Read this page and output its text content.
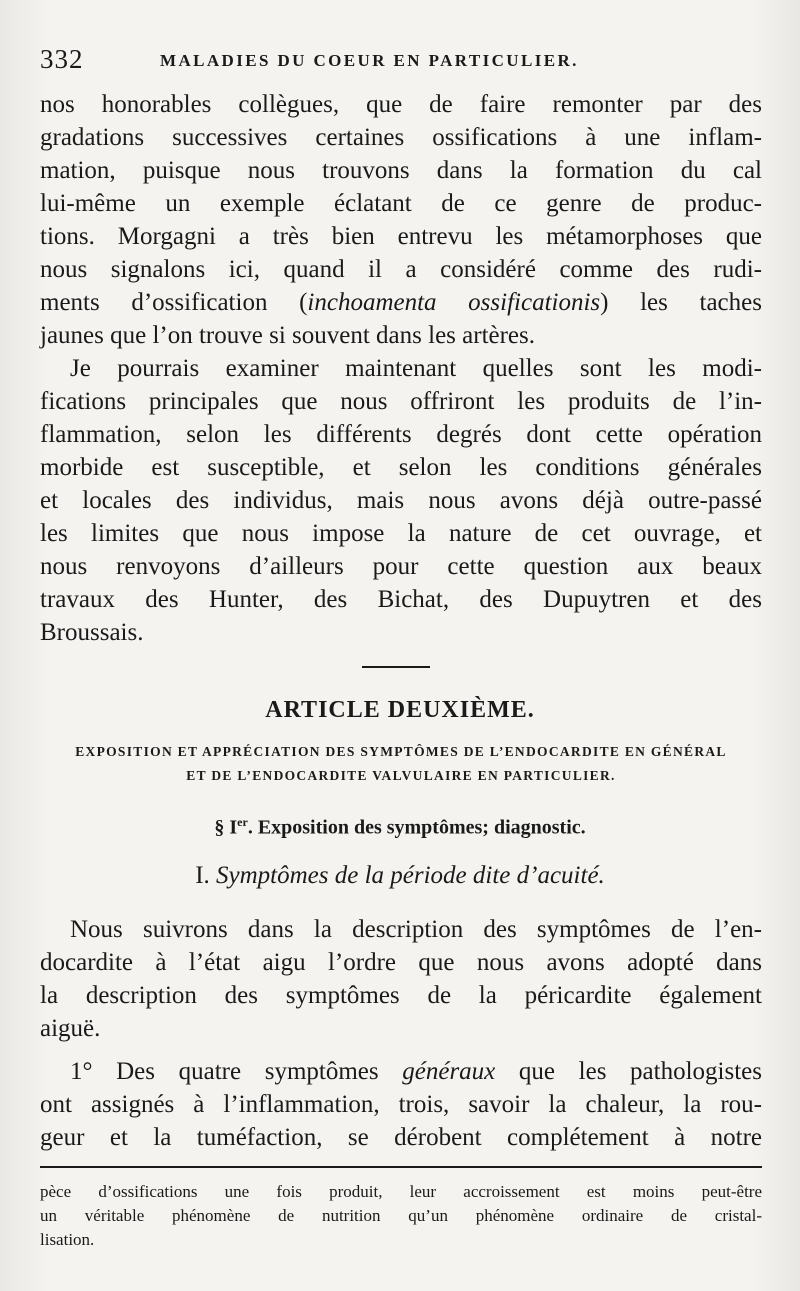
332	MALADIES DU COEUR EN PARTICULIER.
nos honorables collègues, que de faire remonter par des
gradations successives certaines ossifications à une inflam-
mation, puisque nous trouvons dans la formation du cal
lui-même un exemple éclatant de ce genre de produc-
tions. Morgagni a très bien entrevu les métamorphoses que
nous signalons ici, quand il a considéré comme des rudi-
ments d’ossification (inchoamenta ossificationis) les taches
jaunes que l’on trouve si souvent dans les artères.
Je pourrais examiner maintenant quelles sont les modi-
fications principales que nous offriront les produits de l’in-
flammation, selon les différents degrés dont cette opération
morbide est susceptible, et selon les conditions générales
et locales des individus, mais nous avons déjà outre-passé
les limites que nous impose la nature de cet ouvrage, et
nous renvoyons d’ailleurs pour cette question aux beaux
travaux des Hunter, des Bichat, des Dupuytren et des
Broussais.
ARTICLE DEUXIÈME.
EXPOSITION ET APPRÉCIATION DES SYMPTÔMES DE L’ENDOCARDITE EN GÉNÉRAL
ET DE L’ENDOCARDITE VALVULAIRE EN PARTICULIER.
§ Ier. Exposition des symptômes; diagnostic.
I. Symptômes de la période dite d’acuité.
Nous suivrons dans la description des symptômes de l’en-
docardite à l’état aigu l’ordre que nous avons adopté dans
la description des symptômes de la péricardite également
aiguë.
1° Des quatre symptômes généraux que les pathologistes
ont assignés à l’inflammation, trois, savoir la chaleur, la rou-
geur et la tuméfaction, se dérobent complétement à notre
pèce d’ossifications une fois produit, leur accroissement est moins peut-être
un véritable phénomène de nutrition qu’un phénomène ordinaire de cristal-
lisation.
